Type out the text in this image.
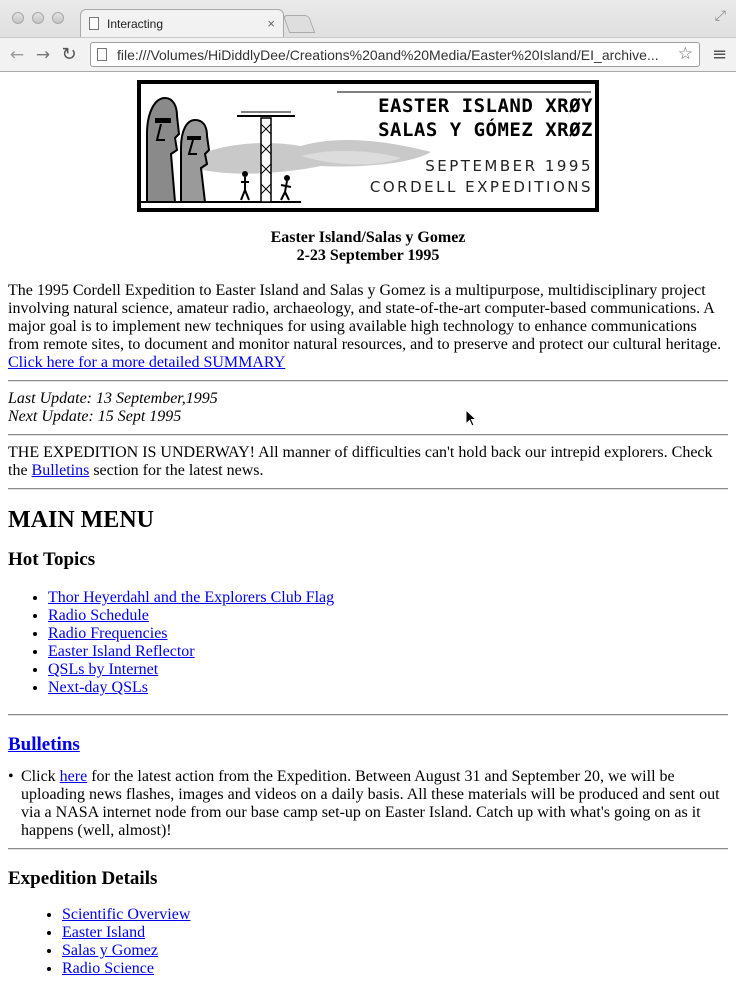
Interacting	×	⤢
← → ↻	file:///Volumes/HiDiddlyDee/Creations%20and%20Media/Easter%20Island/EI_archive...	☆ ≡
EASTER ISLAND XRØY
SALAS Y GÓMEZ XRØZ
SEPTEMBER 1995
CORDELL EXPEDITIONS
Easter Island/Salas y Gomez
2-23 September 1995

The 1995 Cordell Expedition to Easter Island and Salas y Gomez is a multipurpose, multidisciplinary project involving natural science, amateur radio, archaeology, and state-of-the-art computer-based communications. A major goal is to implement new techniques for using available high technology to enhance communications from remote sites, to document and monitor natural resources, and to preserve and protect our cultural heritage. Click here for a more detailed SUMMARY

Last Update: 13 September,1995
Next Update: 15 Sept 1995

THE EXPEDITION IS UNDERWAY! All manner of difficulties can't hold back our intrepid explorers. Check the Bulletins section for the latest news.

MAIN MENU
Hot Topics
• Thor Heyerdahl and the Explorers Club Flag
• Radio Schedule
• Radio Frequencies
• Easter Island Reflector
• QSLs by Internet
• Next-day QSLs
Bulletins
• Click here for the latest action from the Expedition. Between August 31 and September 20, we will be uploading news flashes, images and videos on a daily basis. All these materials will be produced and sent out via a NASA internet node from our base camp set-up on Easter Island. Catch up with what's going on as it happens (well, almost)!

Expedition Details
• Scientific Overview
• Easter Island
• Salas y Gomez
• Radio Science
